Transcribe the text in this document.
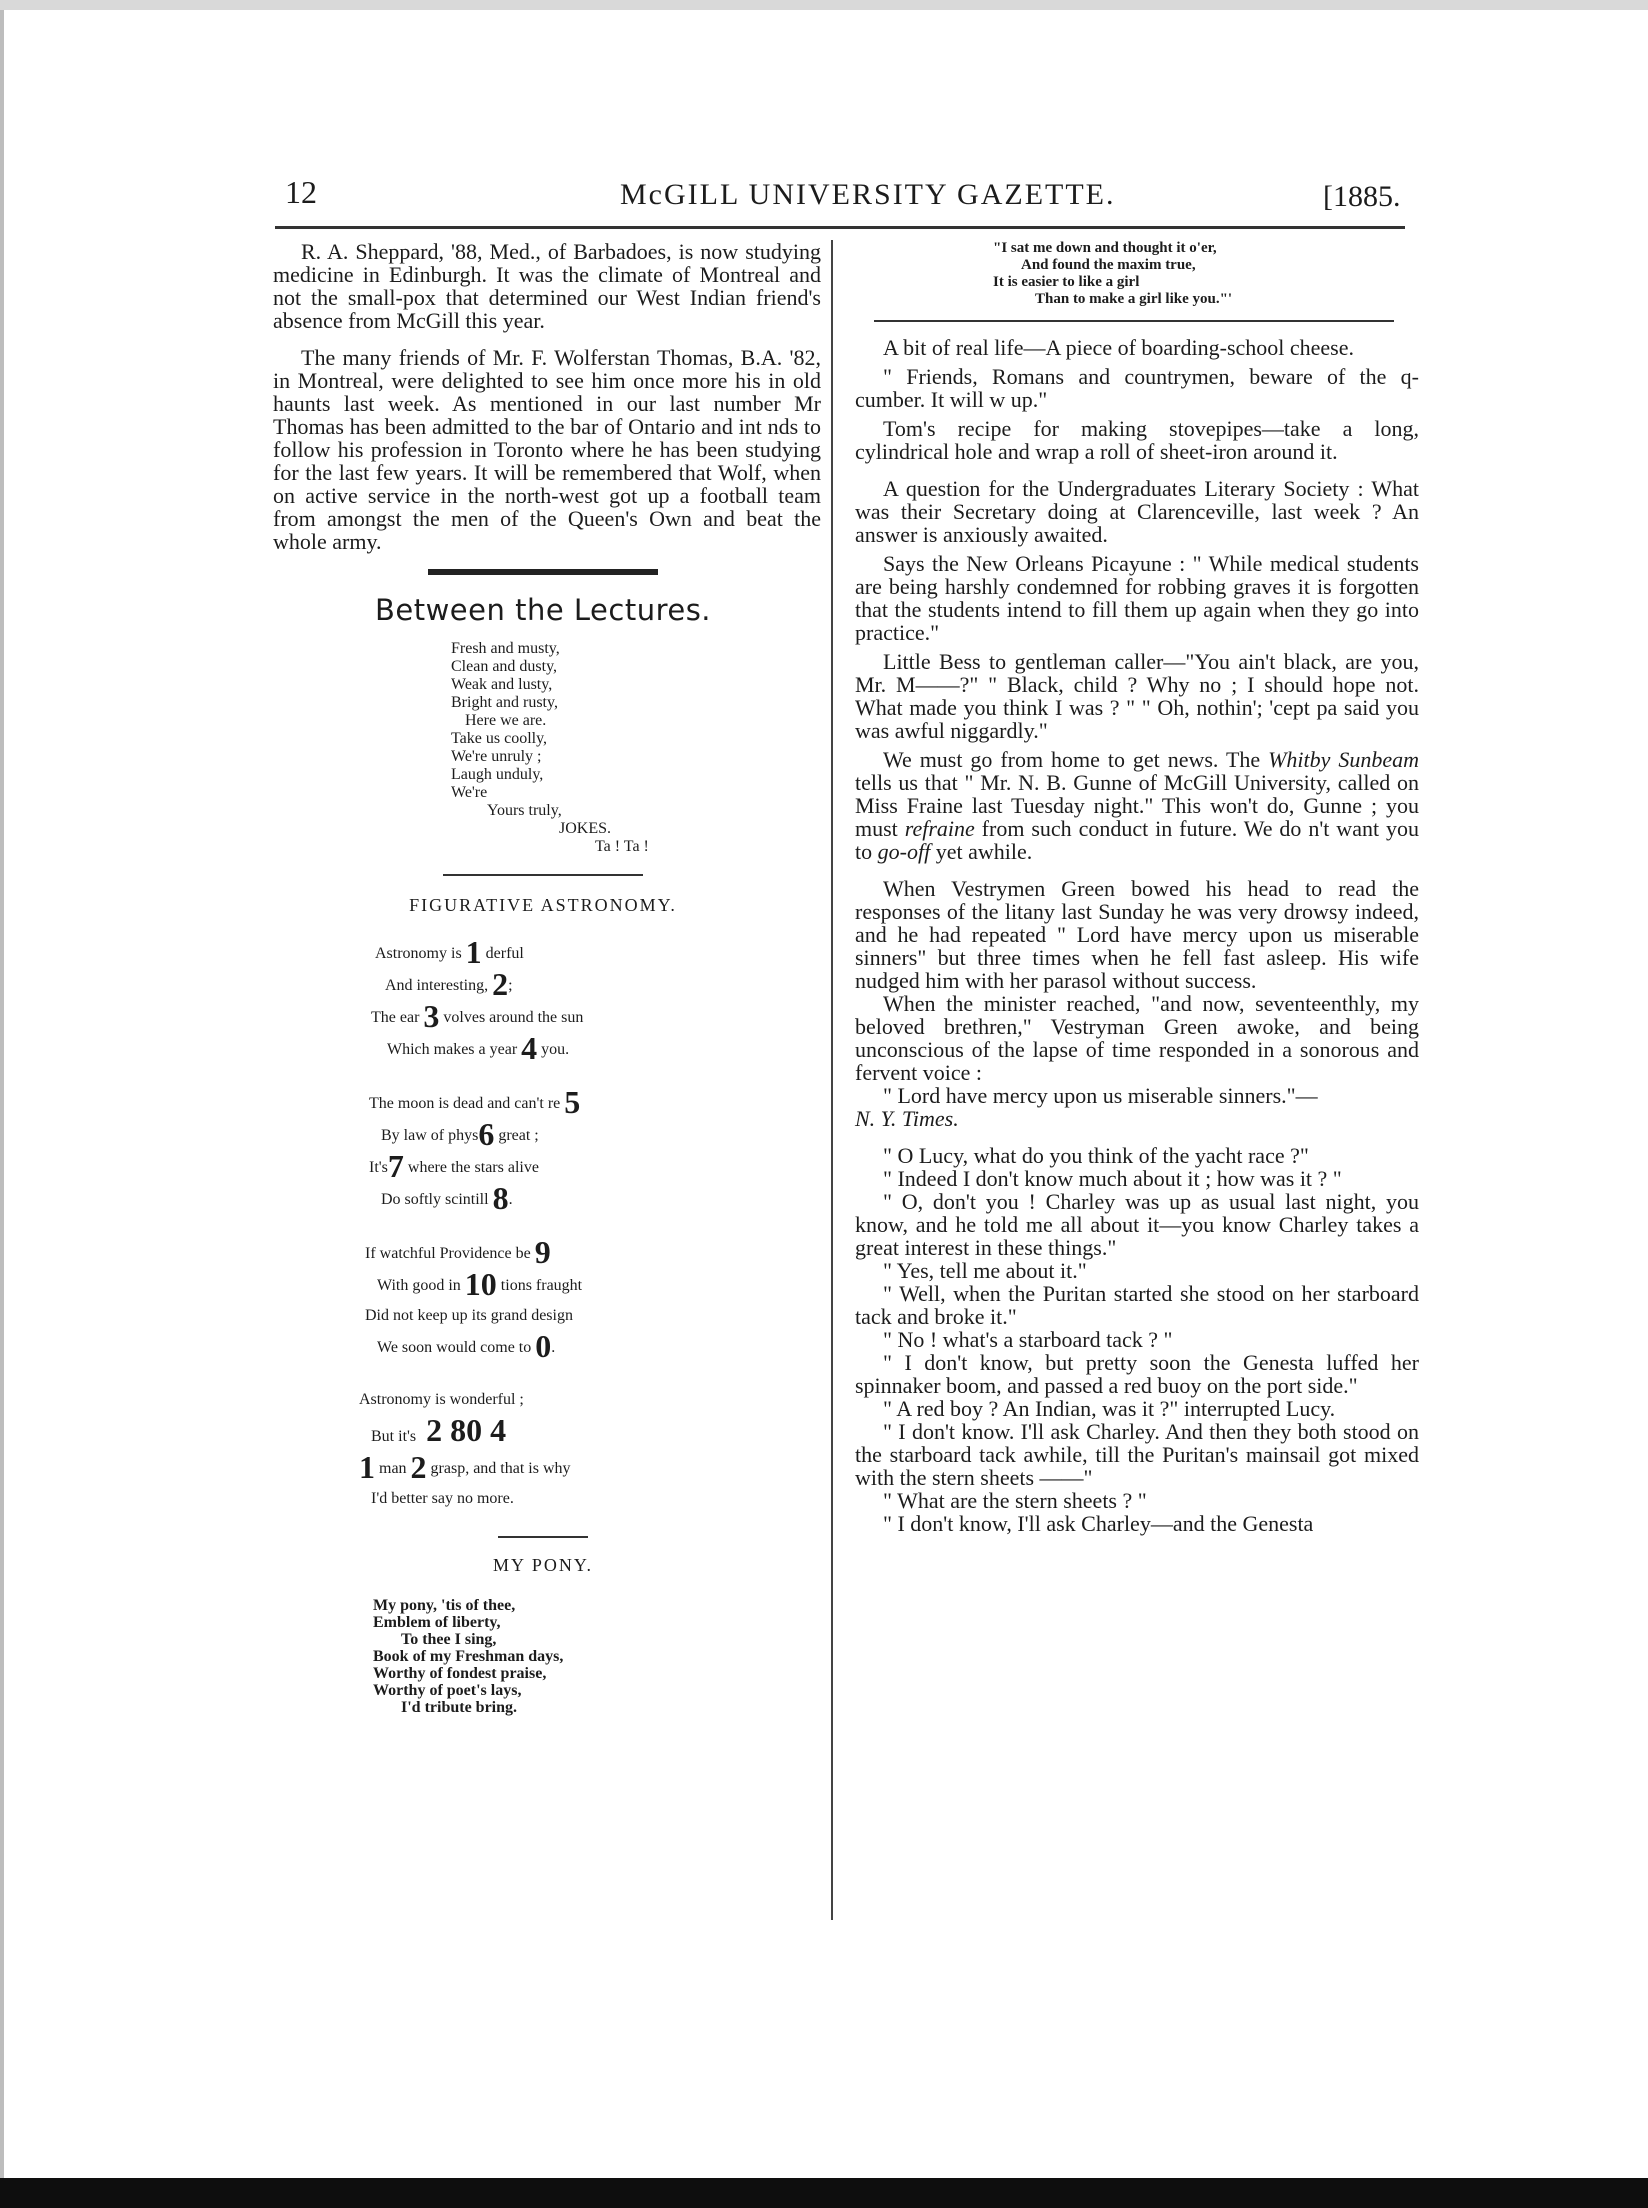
12	McGILL UNIVERSITY GAZETTE.	[1885.

R. A. Sheppard, '88, Med., of Barbadoes, is now studying medicine in Edinburgh. It was the climate of Montreal and not the small-pox that determined our West Indian friend's absence from McGill this year.

The many friends of Mr. F. Wolferstan Thomas, B.A. '82, in Montreal, were delighted to see him once more his in old haunts last week. As mentioned in our last number Mr Thomas has been admitted to the bar of Ontario and int nds to follow his profession in Toronto where he has been studying for the last few years. It will be remembered that Wolf, when on active service in the north-west got up a football team from amongst the men of the Queen's Own and beat the whole army.

Between the Lectures.
Fresh and musty,
Clean and dusty,
Weak and lusty,
Bright and rusty,
Here we are.
Take us coolly,
We're unruly ;
Laugh unduly,
We're
Yours truly,
JOKES.
Ta ! Ta !
FIGURATIVE ASTRONOMY.
Astronomy is 1 derful
And interesting, 2;
The ear 3 volves around the sun
Which makes a year 4 you.
The moon is dead and can't re 5
By law of phys6 great ;
It's7 where the stars alive
Do softly scintill 8.
If watchful Providence be 9
With good in 10 tions fraught
Did not keep up its grand design
We soon would come to 0.
Astronomy is wonderful ;
But it's 2 80 4
1 man 2 grasp, and that is why
I'd better say no more.
MY PONY.
My pony, 'tis of thee,
Emblem of liberty,
To thee I sing,
Book of my Freshman days,
Worthy of fondest praise,
Worthy of poet's lays,
I'd tribute bring.
"I sat me down and thought it o'er,
And found the maxim true,
It is easier to like a girl
Than to make a girl like you."'

A bit of real life—A piece of boarding-school cheese.

" Friends, Romans and countrymen, beware of the q-cumber. It will w up."

Tom's recipe for making stovepipes—take a long, cylindrical hole and wrap a roll of sheet-iron around it.

A question for the Undergraduates Literary Society : What was their Secretary doing at Clarenceville, last week ? An answer is anxiously awaited.

Says the New Orleans Picayune : " While medical students are being harshly condemned for robbing graves it is forgotten that the students intend to fill them up again when they go into practice."

Little Bess to gentleman caller—"You ain't black, are you, Mr. M——?" " Black, child ? Why no ; I should hope not. What made you think I was ? " " Oh, nothin'; 'cept pa said you was awful niggardly."

We must go from home to get news. The Whitby Sunbeam tells us that " Mr. N. B. Gunne of McGill University, called on Miss Fraine last Tuesday night." This won't do, Gunne ; you must refraine from such conduct in future. We do n't want you to go-off yet awhile.

When Vestrymen Green bowed his head to read the responses of the litany last Sunday he was very drowsy indeed, and he had repeated " Lord have mercy upon us miserable sinners" but three times when he fell fast asleep. His wife nudged him with her parasol without success.

When the minister reached, "and now, seventeenthly, my beloved brethren," Vestryman Green awoke, and being unconscious of the lapse of time responded in a sonorous and fervent voice :

" Lord have mercy upon us miserable sinners."—
N. Y. Times.

" O Lucy, what do you think of the yacht race ?"

" Indeed I don't know much about it ; how was it ? "

" O, don't you ! Charley was up as usual last night, you know, and he told me all about it—you know Charley takes a great interest in these things."

" Yes, tell me about it."

" Well, when the Puritan started she stood on her starboard tack and broke it."

" No ! what's a starboard tack ? "

" I don't know, but pretty soon the Genesta luffed her spinnaker boom, and passed a red buoy on the port side."

" A red boy ? An Indian, was it ?" interrupted Lucy.

" I don't know. I'll ask Charley. And then they both stood on the starboard tack awhile, till the Puritan's mainsail got mixed with the stern sheets ——"

" What are the stern sheets ? "

" I don't know, I'll ask Charley—and the Genesta
